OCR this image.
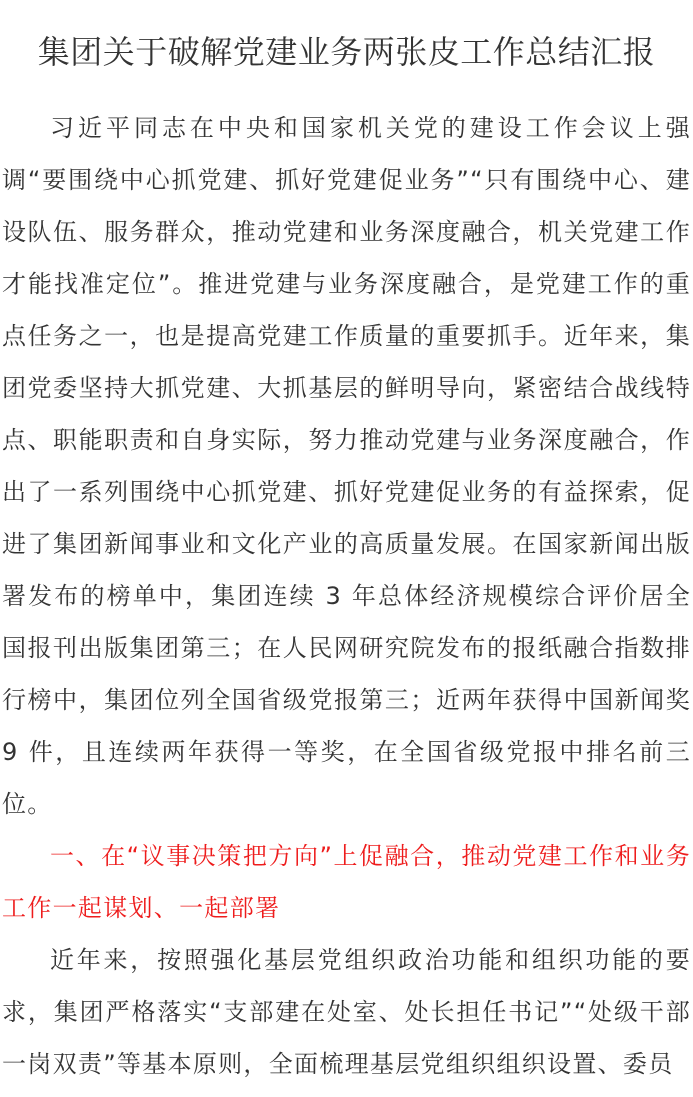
集团关于破解党建业务两张皮工作总结汇报

习近平同志在中央和国家机关党的建设工作会议上强调“要围绕中心抓党建、抓好党建促业务”“只有围绕中心、建设队伍、服务群众，推动党建和业务深度融合，机关党建工作才能找准定位”。推进党建与业务深度融合，是党建工作的重点任务之一，也是提高党建工作质量的重要抓手。近年来，集团党委坚持大抓党建、大抓基层的鲜明导向，紧密结合战线特点、职能职责和自身实际，努力推动党建与业务深度融合，作出了一系列围绕中心抓党建、抓好党建促业务的有益探索，促进了集团新闻事业和文化产业的高质量发展。在国家新闻出版署发布的榜单中，集团连续 3 年总体经济规模综合评价居全国报刊出版集团第三；在人民网研究院发布的报纸融合指数排行榜中，集团位列全国省级党报第三；近两年获得中国新闻奖 9 件，且连续两年获得一等奖，在全国省级党报中排名前三位。

一、在“议事决策把方向”上促融合，推动党建工作和业务工作一起谋划、一起部署

近年来，按照强化基层党组织政治功能和组织功能的要求，集团严格落实“支部建在处室、处长担任书记”“处级干部一岗双责”等基本原则，全面梳理基层党组织组织设置、委员
